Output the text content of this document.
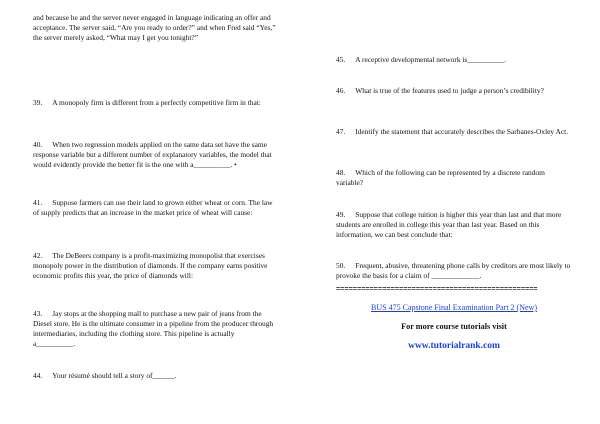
and because he and the server never engaged in language indicating an offer and acceptance. The server said, “Are you ready to order?” and when Fred said “Yes,” the server merely asked, “What may I get you tonight?”
39. A monopoly firm is different from a perfectly competitive firm in that:
40. When two regression models applied on the same data set have the same response variable but a different number of explanatory variables, the model that would evidently provide the better fit is the one with a__________. •
41. Suppose farmers can use their land to grown either wheat or corn. The law of supply predicts that an increase in the market price of wheat will cause:
42. The DeBeers company is a profit-maximizing monopolist that exercises monopoly power in the distribution of diamonds. If the company earns positive economic profits this year, the price of diamonds will:
43. Jay stops at the shopping mall to purchase a new pair of jeans from the Diesel store. He is the ultimate consumer in a pipeline from the producer through intermediaries, including the clothing store. This pipeline is actually a__________.
44. Your résumé should tell a story of______.
45. A receptive developmental network is__________.
46. What is true of the features used to judge a person’s credibility?
47. Identify the statement that accurately describes the Sarbanes-Oxley Act.
48. Which of the following can be represented by a discrete random variable?
49. Suppose that college tuition is higher this year than last and that more students are enrolled in college this year than last year. Based on this information, we can best conclude that:
50. Frequent, abusive, threatening phone calls by creditors are most likely to provoke the basis for a claim of _____________.
================================================
BUS 475 Capstone Final Examination Part 2 (New)
For more course tutorials visit
www.tutorialrank.com
